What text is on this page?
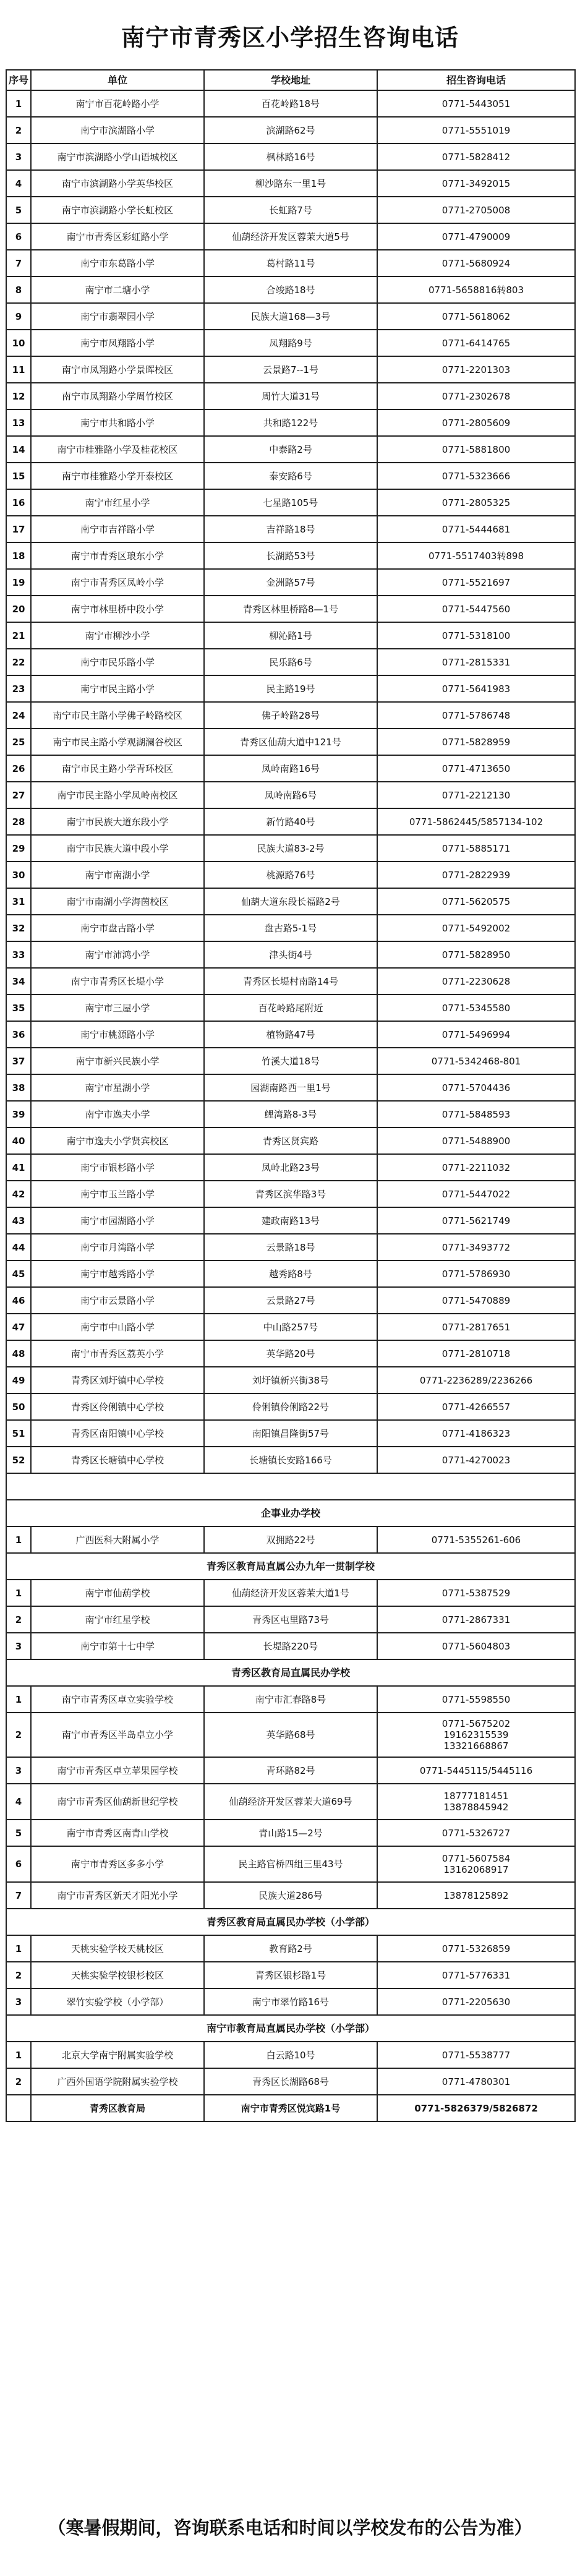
南宁市青秀区小学招生咨询电话
序号	单位	学校地址	招生咨询电话
1	南宁市百花岭路小学	百花岭路18号	0771-5443051
2	南宁市滨湖路小学	滨湖路62号	0771-5551019
3	南宁市滨湖路小学山语城校区	枫林路16号	0771-5828412
4	南宁市滨湖路小学英华校区	柳沙路东一里1号	0771-3492015
5	南宁市滨湖路小学长虹校区	长虹路7号	0771-2705008
6	南宁市青秀区彩虹路小学	仙葫经济开发区蓉茉大道5号	0771-4790009
7	南宁市东葛路小学	葛村路11号	0771-5680924
8	南宁市二塘小学	合竣路18号	0771-5658816转803
9	南宁市翡翠园小学	民族大道168—3号	0771-5618062
10	南宁市凤翔路小学	凤翔路9号	0771-6414765
11	南宁市凤翔路小学景晖校区	云景路7--1号	0771-2201303
12	南宁市凤翔路小学周竹校区	周竹大道31号	0771-2302678
13	南宁市共和路小学	共和路122号	0771-2805609
14	南宁市桂雅路小学及桂花校区	中泰路2号	0771-5881800
15	南宁市桂雅路小学开泰校区	泰安路6号	0771-5323666
16	南宁市红星小学	七星路105号	0771-2805325
17	南宁市吉祥路小学	吉祥路18号	0771-5444681
18	南宁市青秀区琅东小学	长湖路53号	0771-5517403转898
19	南宁市青秀区凤岭小学	金洲路57号	0771-5521697
20	南宁市林里桥中段小学	青秀区林里桥路8—1号	0771-5447560
21	南宁市柳沙小学	柳沁路1号	0771-5318100
22	南宁市民乐路小学	民乐路6号	0771-2815331
23	南宁市民主路小学	民主路19号	0771-5641983
24	南宁市民主路小学佛子岭路校区	佛子岭路28号	0771-5786748
25	南宁市民主路小学观湖澜谷校区	青秀区仙葫大道中121号	0771-5828959
26	南宁市民主路小学青环校区	凤岭南路16号	0771-4713650
27	南宁市民主路小学凤岭南校区	凤岭南路6号	0771-2212130
28	南宁市民族大道东段小学	新竹路40号	0771-5862445/5857134-102
29	南宁市民族大道中段小学	民族大道83-2号	0771-5885171
30	南宁市南湖小学	桃源路76号	0771-2822939
31	南宁市南湖小学海茵校区	仙葫大道东段长福路2号	0771-5620575
32	南宁市盘古路小学	盘古路5-1号	0771-5492002
33	南宁市沛鸿小学	津头街4号	0771-5828950
34	南宁市青秀区长堤小学	青秀区长堤村南路14号	0771-2230628
35	南宁市三屋小学	百花岭路尾附近	0771-5345580
36	南宁市桃源路小学	植物路47号	0771-5496994
37	南宁市新兴民族小学	竹溪大道18号	0771-5342468-801
38	南宁市星湖小学	园湖南路西一里1号	0771-5704436
39	南宁市逸夫小学	鲤湾路8-3号	0771-5848593
40	南宁市逸夫小学贤宾校区	青秀区贤宾路	0771-5488900
41	南宁市银杉路小学	凤岭北路23号	0771-2211032
42	南宁市玉兰路小学	青秀区滨华路3号	0771-5447022
43	南宁市园湖路小学	建政南路13号	0771-5621749
44	南宁市月湾路小学	云景路18号	0771-3493772
45	南宁市越秀路小学	越秀路8号	0771-5786930
46	南宁市云景路小学	云景路27号	0771-5470889
47	南宁市中山路小学	中山路257号	0771-2817651
48	南宁市青秀区荔英小学	英华路20号	0771-2810718
49	青秀区刘圩镇中心学校	刘圩镇新兴街38号	0771-2236289/2236266
50	青秀区伶俐镇中心学校	伶俐镇伶俐路22号	0771-4266557
51	青秀区南阳镇中心学校	南阳镇昌隆街57号	0771-4186323
52	青秀区长塘镇中心学校	长塘镇长安路166号	0771-4270023

企事业办学校			
1	广西医科大附属小学	双拥路22号	0771-5355261-606
青秀区教育局直属公办九年一贯制学校			
1	南宁市仙葫学校	仙葫经济开发区蓉茉大道1号	0771-5387529
2	南宁市红星学校	青秀区屯里路73号	0771-2867331
3	南宁市第十七中学	长堤路220号	0771-5604803
青秀区教育局直属民办学校			
1	南宁市青秀区卓立实验学校	南宁市汇春路8号	0771-5598550
2	南宁市青秀区半岛卓立小学	英华路68号	0771-5675202
19162315539
13321668867
3	南宁市青秀区卓立苹果园学校	青环路82号	0771-5445115/5445116
4	南宁市青秀区仙葫新世纪学校	仙葫经济开发区蓉茉大道69号	18777181451
13878845942
5	南宁市青秀区南青山学校	青山路15—2号	0771-5326727
6	南宁市青秀区多多小学	民主路官桥四组三里43号	0771-5607584
13162068917
7	南宁市青秀区新天才阳光小学	民族大道286号	13878125892
青秀区教育局直属民办学校（小学部）			
1	天桃实验学校天桃校区	教育路2号	0771-5326859
2	天桃实验学校银杉校区	青秀区银杉路1号	0771-5776331
3	翠竹实验学校（小学部）	南宁市翠竹路16号	0771-2205630
南宁市教育局直属民办学校（小学部）			
1	北京大学南宁附属实验学校	白云路10号	0771-5538777
2	广西外国语学院附属实验学校	青秀区长湖路68号	0771-4780301
	青秀区教育局	南宁市青秀区悦宾路1号	0771-5826379/5826872
（寒暑假期间，咨询联系电话和时间以学校发布的公告为准）
